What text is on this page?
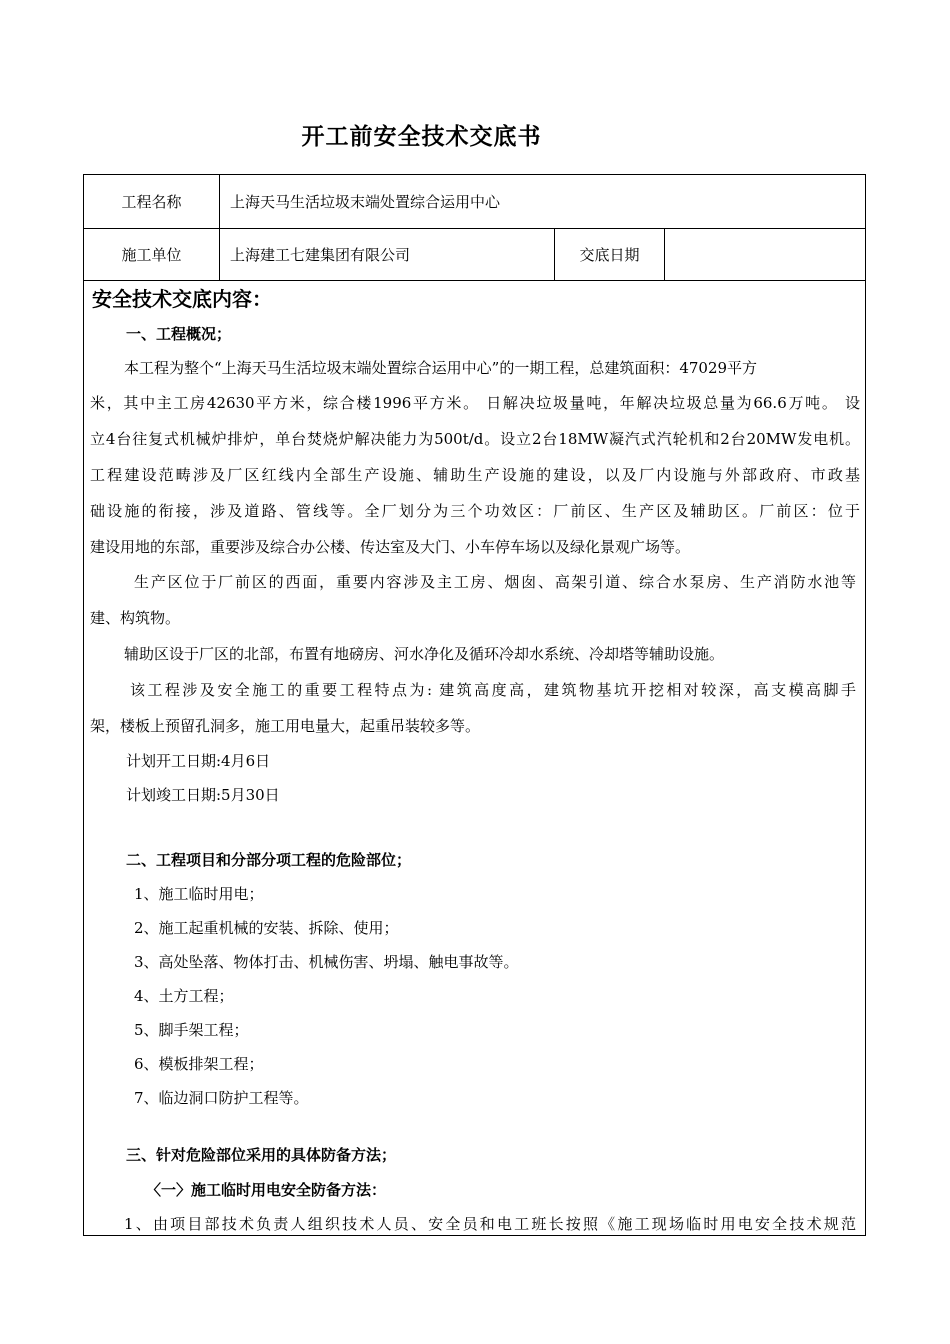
开工前安全技术交底书
工程名称	上海天马生活垃圾末端处置综合运用中心
施工单位	上海建工七建集团有限公司	交底日期
安全技术交底内容：
一、工程概况；
本工程为整个“上海天马生活垃圾末端处置综合运用中心”的一期工程，总建筑面积：47029平方
米，其中主工房42630平方米，综合楼1996平方米。 日解决垃圾量吨，年解决垃圾总量为66.6万吨。 设
立4台往复式机械炉排炉，单台焚烧炉解决能力为500t/d。设立2台18MW凝汽式汽轮机和2台20MW发电机。
工程建设范畴涉及厂区红线内全部生产设施、辅助生产设施的建设，以及厂内设施与外部政府、市政基
础设施的衔接，涉及道路、管线等。全厂划分为三个功效区：厂前区、生产区及辅助区。厂前区：位于
建设用地的东部，重要涉及综合办公楼、传达室及大门、小车停车场以及绿化景观广场等。
生产区位于厂前区的西面，重要内容涉及主工房、烟囱、高架引道、综合水泵房、生产消防水池等
建、构筑物。
辅助区设于厂区的北部，布置有地磅房、河水净化及循环冷却水系统、冷却塔等辅助设施。
该工程涉及安全施工的重要工程特点为: 建筑高度高，建筑物基坑开挖相对较深，高支模高脚手
架，楼板上预留孔洞多，施工用电量大，起重吊装较多等。
计划开工日期:4月6日
计划竣工日期:5月30日
二、工程项目和分部分项工程的危险部位；
1、施工临时用电；
2、施工起重机械的安装、拆除、使用；
3、高处坠落、物体打击、机械伤害、坍塌、触电事故等。
4、土方工程；
5、脚手架工程；
6、模板排架工程；
7、临边洞口防护工程等。
三、针对危险部位采用的具体防备方法；
〈一〉施工临时用电安全防备方法：
1、由项目部技术负责人组织技术人员、安全员和电工班长按照《施工现场临时用电安全技术规范
